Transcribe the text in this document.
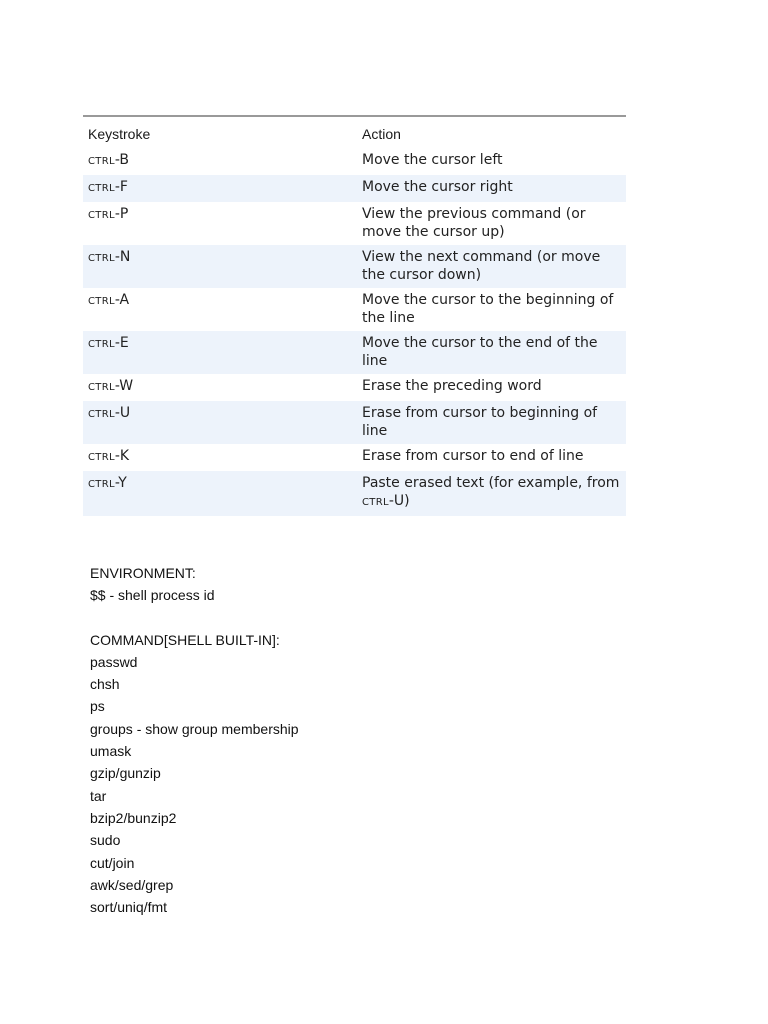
Keystroke	Action
CTRL-B	Move the cursor left
CTRL-F	Move the cursor right
CTRL-P	View the previous command (or move the cursor up)
CTRL-N	View the next command (or move the cursor down)
CTRL-A	Move the cursor to the beginning of the line
CTRL-E	Move the cursor to the end of the line
CTRL-W	Erase the preceding word
CTRL-U	Erase from cursor to beginning of line
CTRL-K	Erase from cursor to end of line
CTRL-Y	Paste erased text (for example, from CTRL-U)
ENVIRONMENT:
$$ - shell process id
COMMAND[SHELL BUILT-IN]:
passwd
chsh
ps
groups - show group membership
umask
gzip/gunzip
tar
bzip2/bunzip2
sudo
cut/join
awk/sed/grep
sort/uniq/fmt
